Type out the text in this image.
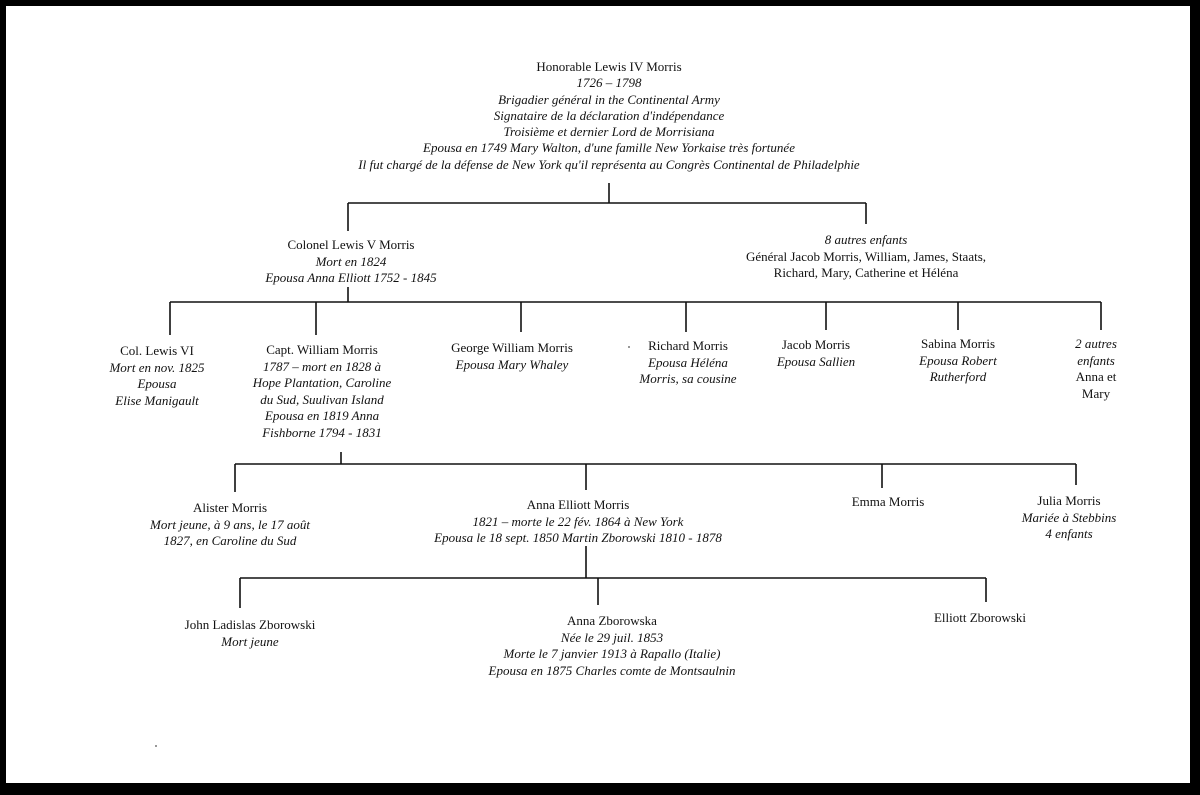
Honorable Lewis IV Morris
1726 – 1798
Brigadier général in the Continental Army
Signataire de la déclaration d'indépendance
Troisième et dernier Lord de Morrisiana
Epousa en 1749 Mary Walton, d'une famille New Yorkaise très fortunée
Il fut chargé de la défense de New York qu'il représenta au Congrès Continental de Philadelphie
Colonel Lewis V Morris
Mort en 1824
Epousa Anna Elliott 1752 - 1845
8 autres enfants
Général Jacob Morris, William, James, Staats,
Richard, Mary, Catherine et Héléna
Col. Lewis VI
Mort en nov. 1825
Epousa
Elise Manigault
Capt. William Morris
1787 – mort en 1828 à
Hope Plantation, Caroline
du Sud, Suulivan Island
Epousa en 1819 Anna
Fishborne 1794 - 1831
George William Morris
Epousa Mary Whaley
Richard Morris
Epousa Héléna
Morris, sa cousine
Jacob Morris
Epousa Sallien
Sabina Morris
Epousa Robert
Rutherford
2 autres
enfants
Anna et
Mary
Alister Morris
Mort jeune, à 9 ans, le 17 août
1827, en Caroline du Sud
Anna Elliott Morris
1821 – morte le 22 fév. 1864 à New York
Epousa le 18 sept. 1850 Martin Zborowski 1810 - 1878
Emma Morris	Julia Morris
Mariée à Stebbins
4 enfants
John Ladislas Zborowski
Mort jeune
Anna Zborowska
Née le 29 juil. 1853
Morte le 7 janvier 1913 à Rapallo (Italie)
Epousa en 1875 Charles comte de Montsaulnin
Elliott Zborowski
